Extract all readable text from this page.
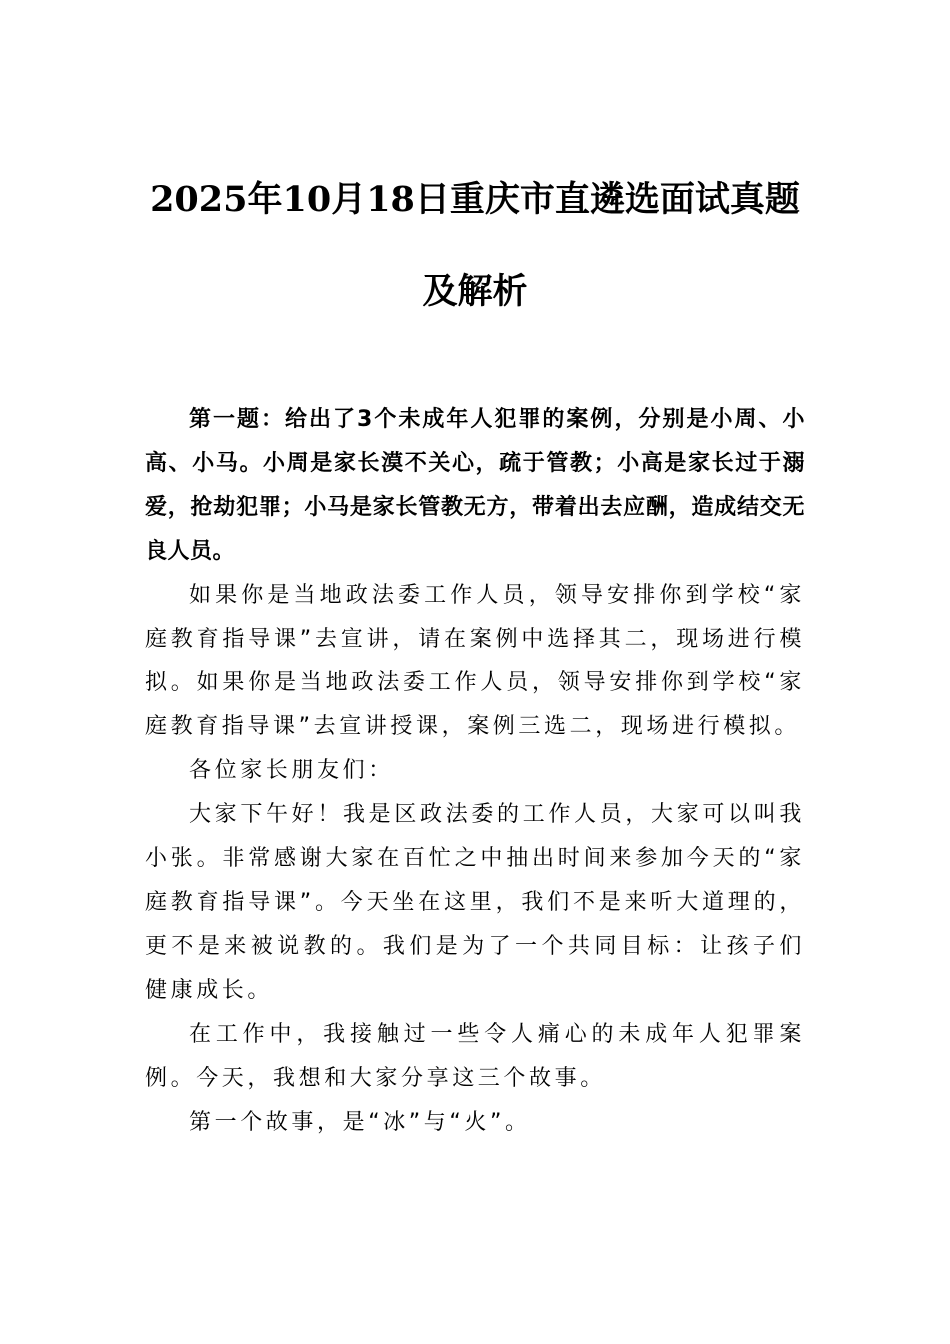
2025年10月18日重庆市直遴选面试真题
及解析

第一题：给出了3个未成年人犯罪的案例，分别是小周、小高、小马。小周是家长漠不关心，疏于管教；小高是家长过于溺爱，抢劫犯罪；小马是家长管教无方，带着出去应酬，造成结交无良人员。

如果你是当地政法委工作人员，领导安排你到学校“家庭教育指导课”去宣讲，请在案例中选择其二，现场进行模拟。如果你是当地政法委工作人员，领导安排你到学校“家庭教育指导课”去宣讲授课，案例三选二，现场进行模拟。

各位家长朋友们：

大家下午好！我是区政法委的工作人员，大家可以叫我小张。非常感谢大家在百忙之中抽出时间来参加今天的“家庭教育指导课”。今天坐在这里，我们不是来听大道理的，更不是来被说教的。我们是为了一个共同目标：让孩子们健康成长。

在工作中，我接触过一些令人痛心的未成年人犯罪案例。今天，我想和大家分享这三个故事。

第一个故事，是“冰”与“火”。
